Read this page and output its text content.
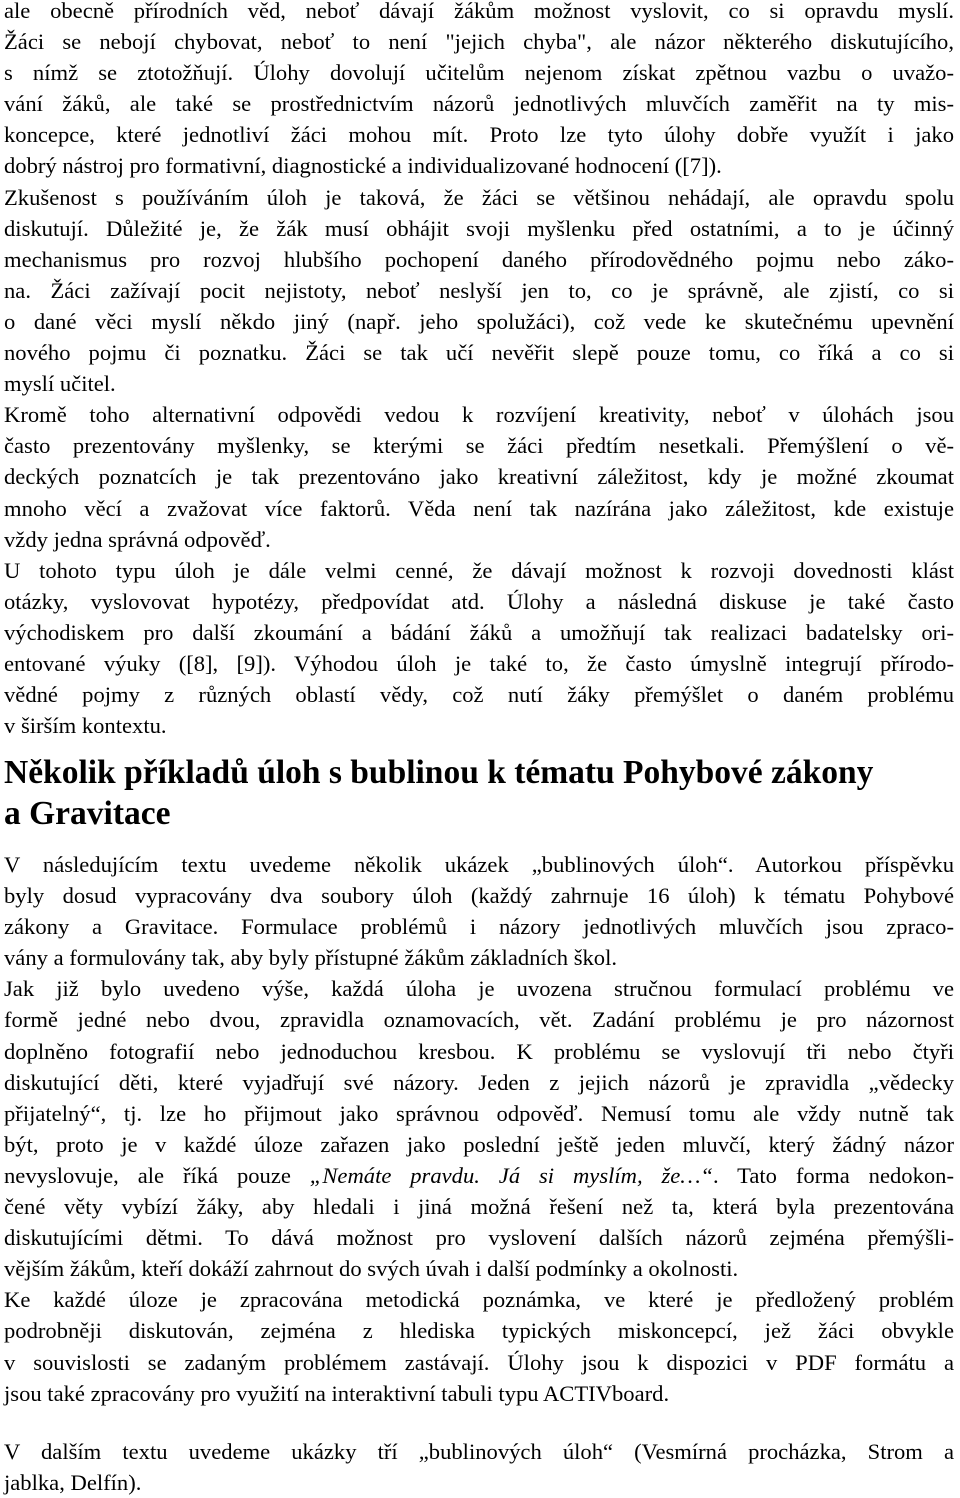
ale obecně přírodních věd, neboť dávají žákům možnost vyslovit, co si opravdu myslí.
Žáci se nebojí chybovat, neboť to není "jejich chyba", ale názor některého diskutujícího,
s nímž se ztotožňují. Úlohy dovolují učitelům nejenom získat zpětnou vazbu o uvažo-
vání žáků, ale také se prostřednictvím názorů jednotlivých mluvčích zaměřit na ty mis-
koncepce, které jednotliví žáci mohou mít. Proto lze tyto úlohy dobře využít i jako
dobrý nástroj pro formativní, diagnostické a individualizované hodnocení ([7]).
Zkušenost s používáním úloh je taková, že žáci se většinou nehádají, ale opravdu spolu
diskutují. Důležité je, že žák musí obhájit svoji myšlenku před ostatními, a to je účinný
mechanismus pro rozvoj hlubšího pochopení daného přírodovědného pojmu nebo záko-
na. Žáci zažívají pocit nejistoty, neboť neslyší jen to, co je správně, ale zjistí, co si
o dané věci myslí někdo jiný (např. jeho spolužáci), což vede ke skutečnému upevnění
nového pojmu či poznatku. Žáci se tak učí nevěřit slepě pouze tomu, co říká a co si
myslí učitel.
Kromě toho alternativní odpovědi vedou k rozvíjení kreativity, neboť v úlohách jsou
často prezentovány myšlenky, se kterými se žáci předtím nesetkali. Přemýšlení o vě-
deckých poznatcích je tak prezentováno jako kreativní záležitost, kdy je možné zkoumat
mnoho věcí a zvažovat více faktorů. Věda není tak nazírána jako záležitost, kde existuje
vždy jedna správná odpověď.
U tohoto typu úloh je dále velmi cenné, že dávají možnost k rozvoji dovednosti klást
otázky, vyslovovat hypotézy, předpovídat atd. Úlohy a následná diskuse je také často
východiskem pro další zkoumání a bádání žáků a umožňují tak realizaci badatelsky ori-
entované výuky ([8], [9]). Výhodou úloh je také to, že často úmyslně integrují přírodo-
vědné pojmy z různých oblastí vědy, což nutí žáky přemýšlet o daném problému
v širším kontextu.
Několik příkladů úloh s bublinou k tématu Pohybové zákony
a Gravitace
V následujícím textu uvedeme několik ukázek „bublinových úloh“. Autorkou příspěvku
byly dosud vypracovány dva soubory úloh (každý zahrnuje 16 úloh) k tématu Pohybové
zákony a Gravitace. Formulace problémů i názory jednotlivých mluvčích jsou zpraco-
vány a formulovány tak, aby byly přístupné žákům základních škol.
Jak již bylo uvedeno výše, každá úloha je uvozena stručnou formulací problému ve
formě jedné nebo dvou, zpravidla oznamovacích, vět. Zadání problému je pro názornost
doplněno fotografií nebo jednoduchou kresbou. K problému se vyslovují tři nebo čtyři
diskutující děti, které vyjadřují své názory. Jeden z jejich názorů je zpravidla „vědecky
přijatelný“, tj. lze ho přijmout jako správnou odpověď. Nemusí tomu ale vždy nutně tak
být, proto je v každé úloze zařazen jako poslední ještě jeden mluvčí, který žádný názor
nevyslovuje, ale říká pouze „Nemáte pravdu. Já si myslím, že…“. Tato forma nedokon-
čené věty vybízí žáky, aby hledali i jiná možná řešení než ta, která byla prezentována
diskutujícími dětmi. To dává možnost pro vyslovení dalších názorů zejména přemýšli-
vějším žákům, kteří dokáží zahrnout do svých úvah i další podmínky a okolnosti.
Ke každé úloze je zpracována metodická poznámka, ve které je předložený problém
podrobněji diskutován, zejména z hlediska typických miskoncepcí, jež žáci obvykle
v souvislosti se zadaným problémem zastávají. Úlohy jsou k dispozici v PDF formátu a
jsou také zpracovány pro využití na interaktivní tabuli typu ACTIVboard.
V dalším textu uvedeme ukázky tří „bublinových úloh“ (Vesmírná procházka, Strom a
jablka, Delfín).
